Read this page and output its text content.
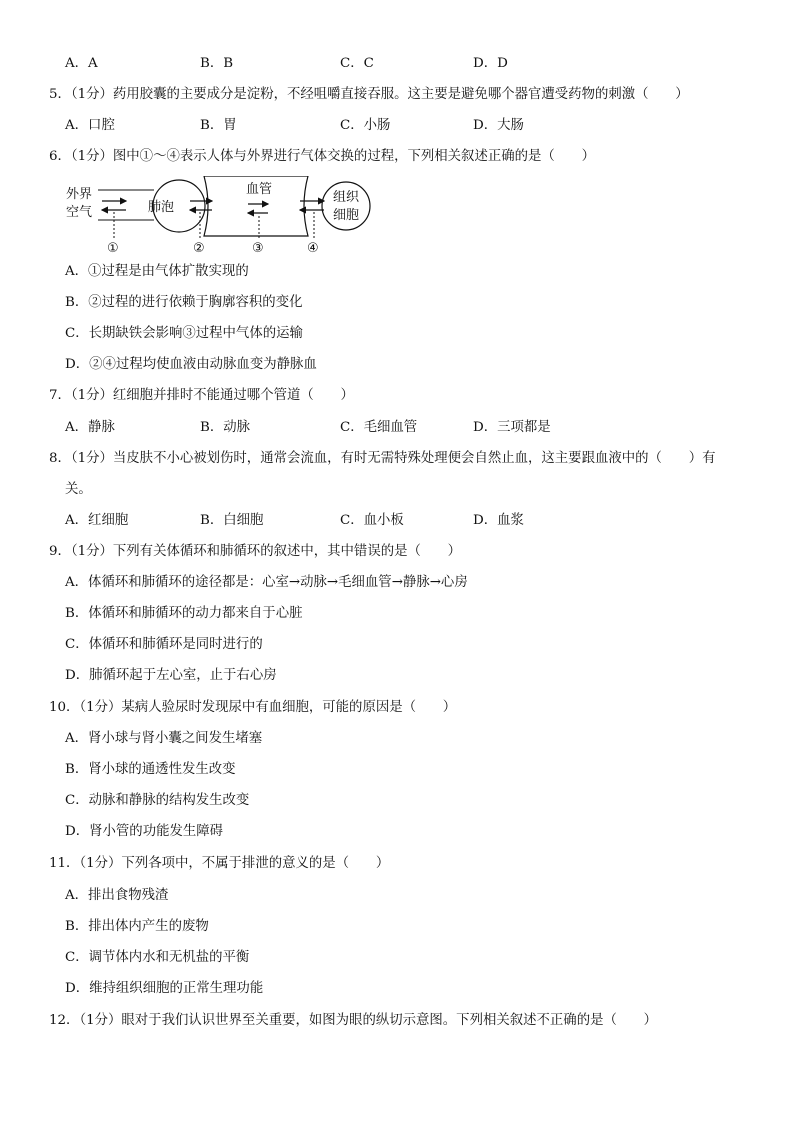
A．A	B．B	C．C	D．D
5．（1分）药用胶囊的主要成分是淀粉，不经咀嚼直接吞服。这主要是避免哪个器官遭受药物的刺激（　　）
A．口腔	B．胃	C．小肠	D．大肠
6．（1分）图中①～④表示人体与外界进行气体交换的过程，下列相关叙述正确的是（　　）
外界
空气	肺泡
血管
组织
细胞
①	②	③	④
A．①过程是由气体扩散实现的
B．②过程的进行依赖于胸廓容积的变化
C．长期缺铁会影响③过程中气体的运输
D．②④过程均使血液由动脉血变为静脉血
7．（1分）红细胞并排时不能通过哪个管道（　　）
A．静脉	B．动脉	C．毛细血管	D．三项都是
8．（1分）当皮肤不小心被划伤时，通常会流血，有时无需特殊处理便会自然止血，这主要跟血液中的（　　）有
关。
A．红细胞	B．白细胞	C．血小板	D．血浆
9．（1分）下列有关体循环和肺循环的叙述中，其中错误的是（　　）
A．体循环和肺循环的途径都是：心室→动脉→毛细血管→静脉→心房
B．体循环和肺循环的动力都来自于心脏
C．体循环和肺循环是同时进行的
D．肺循环起于左心室，止于右心房
10．（1分）某病人验尿时发现尿中有血细胞，可能的原因是（　　）
A．肾小球与肾小囊之间发生堵塞
B．肾小球的通透性发生改变
C．动脉和静脉的结构发生改变
D．肾小管的功能发生障碍
11．（1分）下列各项中，不属于排泄的意义的是（　　）
A．排出食物残渣
B．排出体内产生的废物
C．调节体内水和无机盐的平衡
D．维持组织细胞的正常生理功能
12．（1分）眼对于我们认识世界至关重要，如图为眼的纵切示意图。下列相关叙述不正确的是（　　）
